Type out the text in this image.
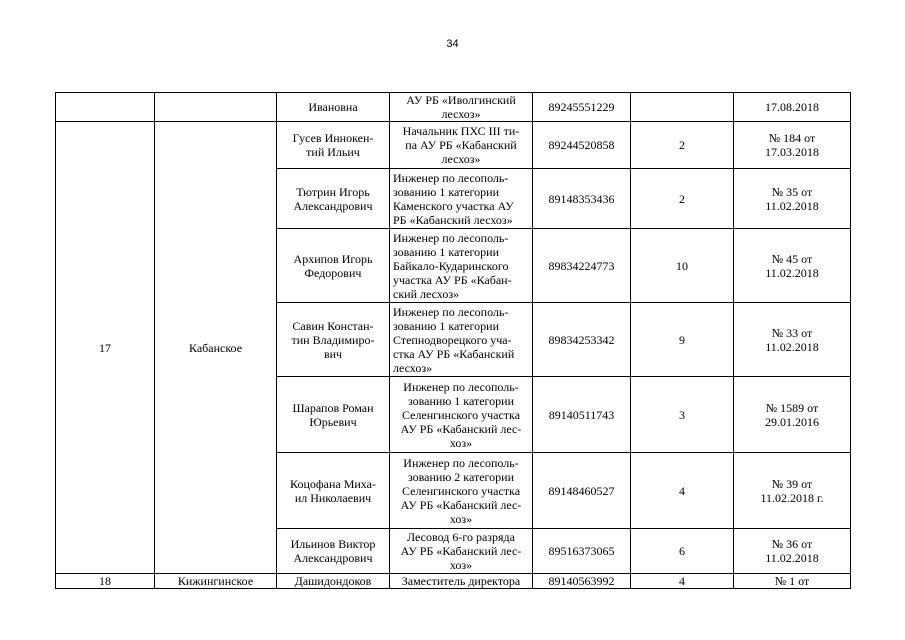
34
		Ивановна	АУ РБ «Иволгинский
лесхоз»	89245551229		17.08.2018
17	Кабанское	Гусев Иннокен-
тий Ильич	Начальник ПХС III ти-
па АУ РБ «Кабанский
лесхоз»	89244520858	2	№ 184 от
17.03.2018
		Тютрин Игорь
Александрович	Инженер по лесополь-
зованию 1 категории
Каменского участка АУ
РБ «Кабанский лесхоз»	89148353436	2	№ 35 от
11.02.2018
		Архипов Игорь
Федорович	Инженер по лесополь-
зованию 1 категории
Байкало-Кударинского
участка АУ РБ «Кабан-
ский лесхоз»	89834224773	10	№ 45 от
11.02.2018
		Савин Констан-
тин Владимиро-
вич	Инженер по лесополь-
зованию 1 категории
Степнодворецкого уча-
стка АУ РБ «Кабанский
лесхоз»	89834253342	9	№ 33 от
11.02.2018
		Шарапов Роман
Юрьевич	Инженер по лесополь-
зованию 1 категории
Селенгинского участка
АУ РБ «Кабанский лес-
хоз»	89140511743	3	№ 1589 от
29.01.2016
		Коцофана Миха-
ил Николаевич	Инженер по лесополь-
зованию 2 категории
Селенгинского участка
АУ РБ «Кабанский лес-
хоз»	89148460527	4	№ 39 от
11.02.2018 г.
		Ильинов Виктор
Александрович	Лесовод 6-го разряда
АУ РБ «Кабанский лес-
хоз»	89516373065	6	№ 36 от
11.02.2018
18	Кижингинское	Дашидондоков	Заместитель директора	89140563992	4	№ 1 от
